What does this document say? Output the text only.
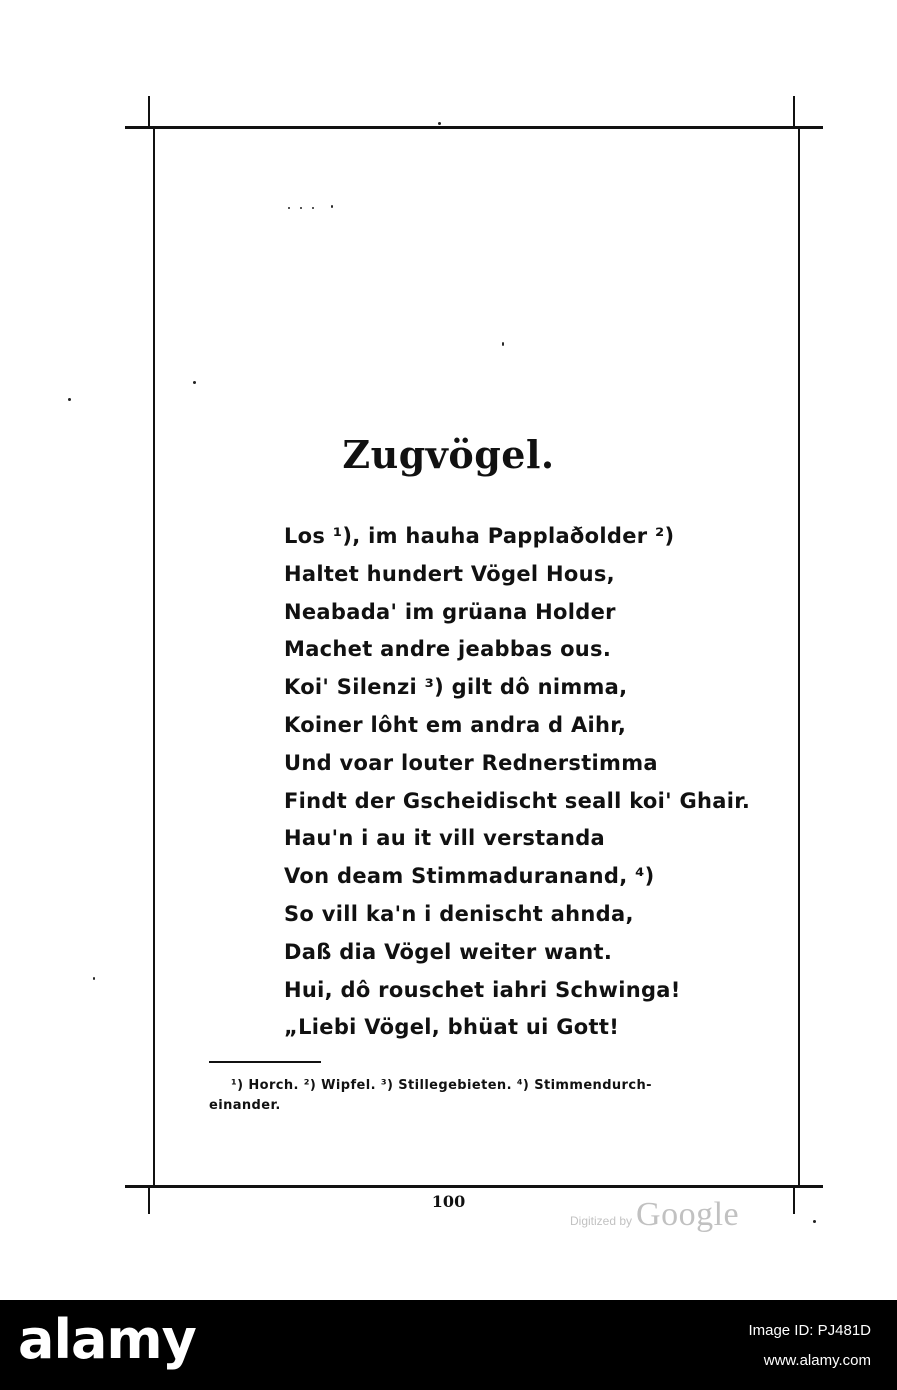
Zugvögel.
Los ¹), im hauha Papplaðolder ²)
Haltet hundert Vögel Hous,
Neabada' im grüana Holder
Machet andre jeabbas ous.
Koi' Silenzi ³) gilt dô nimma,
Koiner lôht em andra d Aihr,
Und voar louter Rednerstimma
Findt der Gscheidischt seall koi' Ghair.
Hau'n i au it vill verstanda
Von deam Stimmaduranand, ⁴)
So vill ka'n i denischt ahnda,
Daß dia Vögel weiter want.
Hui, dô rouschet iahri Schwinga!
„Liebi Vögel, bhüat ui Gott!
¹) Horch. ²) Wipfel. ³) Stillegebieten. ⁴) Stimmendurch-
einander.
100
Digitized by Google
alamy	Image ID: PJ481D
www.alamy.com
